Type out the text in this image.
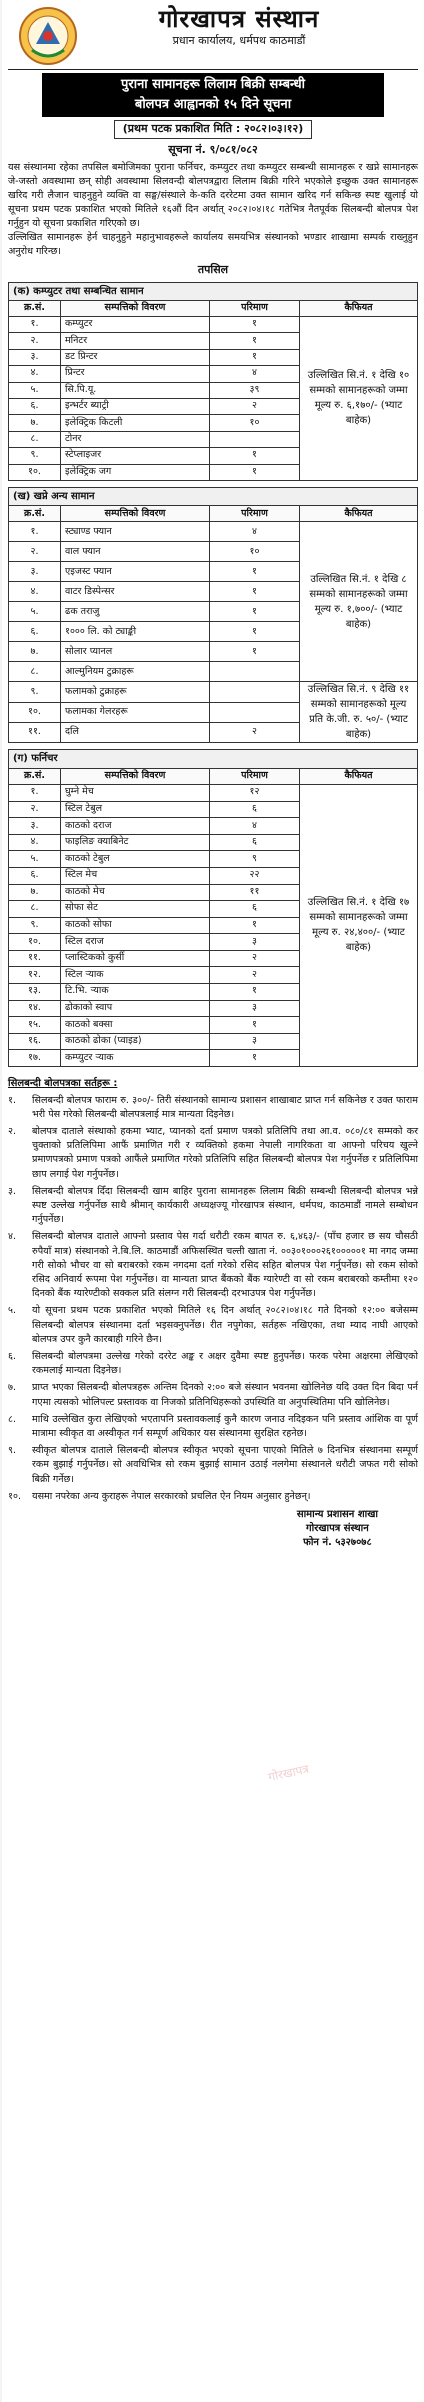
गोरखापत्र संस्थान
प्रधान कार्यालय, धर्मपथ काठमाडौं
पुराना सामानहरू लिलाम बिक्री सम्बन्धी
बोलपत्र आह्वानको १५ दिने सूचना
(प्रथम पटक प्रकाशित मिति : २०८२।०३।१२)
सूचना नं. ९/०८१/०८२

यस संस्थानमा रहेका तपसिल बमोजिमका पुराना फर्निचर, कम्प्युटर तथा कम्प्युटर सम्बन्धी सामानहरू र खप्ने सामानहरू जे-जस्तो अवस्थामा छन् सोही अवस्थामा सिलवन्दी बोलपत्रद्वारा लिलाम बिक्री गरिने भएकोले इच्छुक उक्त सामानहरू खरिद गरी लैजान चाहनुहुने व्यक्ति वा सङ्घ/संस्थाले के-कति दररेटमा उक्त सामान खरिद गर्न सकिन्छ स्पष्ट खुलाई यो सूचना प्रथम पटक प्रकाशित भएको मितिले १६औं दिन अर्थात् २०८२।०४।१८ गतेभित्र नैतपूर्वक सिलबन्दी बोलपत्र पेश गर्नुहुन यो सूचना प्रकाशित गरिएको छ।

उल्लिखित सामानहरू हेर्न चाहनुहुने महानुभावहरूले कार्यालय समयभित्र संस्थानको भण्डार शाखामा सम्पर्क राख्नुहुन अनुरोध गरिन्छ।

तपसिल
(क) कम्प्युटर तथा सम्बन्धित सामान
क्र.सं.	सम्पत्तिको विवरण	परिमाण	कैफियत
१.	कम्प्युटर	१	उल्लिखित सि.नं. १ देखि १० सम्मको सामानहरूको जम्मा मूल्य रु. ६,१७०/- (भ्याट बाहेक)
२.	मनिटर	१	
३.	डट प्रिन्टर	१	
४.	प्रिन्टर	४	
५.	सि.पि.यू.	३९	
६.	इन्भर्टर ब्याट्री	२	
७.	इलेक्ट्रिक किटली	१०	
८.	टोनर		
९.	स्टेप्लाइजर	१	
१०.	इलेक्ट्रिक जग	१	
(ख) खप्ने अन्य सामान
क्र.सं.	सम्पत्तिको विवरण	परिमाण	कैफियत
१.	स्ट्याण्ड फ्यान	४	उल्लिखित सि.नं. १ देखि ८ सम्मको सामानहरूको जम्मा मूल्य रु. १,७००/- (भ्याट बाहेक)
२.	वाल फ्यान	१०	
३.	एइजस्ट फ्यान	१	
४.	वाटर डिस्पेन्सर	१	
५.	ढक तराजु	१	
६.	१००० लि. को ट्याङ्की	१	
७.	सोलार प्यानल	१	
८.	आल्मुनियम टुक्राहरू		
९.	फलामको टुक्राहरू		उल्लिखित सि.नं. ९ देखि ११ सम्मको सामानहरूको मूल्य प्रति के.जी. रु. ५०/- (भ्याट बाहेक)
१०.	फलामका गेलरहरू		
११.	दलि	२	
(ग) फर्निचर
क्र.सं.	सम्पत्तिको विवरण	परिमाण	कैफियत
१.	घुम्ने मेच	१२	उल्लिखित सि.नं. १ देखि १७ सम्मको सामानहरूको जम्मा मूल्य रु. २४,४००/- (भ्याट बाहेक)
२.	स्टिल टेबुल	६	
३.	काठको दराज	४	
४.	फाइलिङ क्याबिनेट	६	
५.	काठको टेबुल	९	
६.	स्टिल मेच	२२	
७.	काठको मेच	११	
८.	सोफा सेट	६	
९.	काठको सोफा	१	
१०.	स्टिल दराज	३	
११.	प्लास्टिकको कुर्सी	२	
१२.	स्टिल र्‍याक	२	
१३.	टि.भि. र्‍याक	१	
१४.	ढोकाको स्वाप	३	
१५.	काठको बक्सा	१	
१६.	काठको ढोका (प्वाइड)	३	
१७.	कम्प्युटर र्‍याक	१	
सिलबन्दी बोलपत्रका सर्तहरू :
१.	सिलबन्दी बोलपत्र फाराम रु. ३००/- तिरी संस्थानको सामान्य प्रशासन शाखाबाट प्राप्त गर्न सकिनेछ र उक्त फाराम भरी पेस गरेको सिलबन्दी बोलपत्रलाई मात्र मान्यता दिइनेछ।
२.	बोलपत्र दाताले संस्थाको हकमा भ्याट, प्यानको दर्ता प्रमाण पत्रको प्रतिलिपि तथा आ.व. ०८०/८१ सम्मको कर चुक्ताको प्रतिलिपिमा आफैं प्रमाणित गरी र व्यक्तिको हकमा नेपाली नागरिकता वा आफ्नो परिचय खुल्ने प्रमाणपत्रको प्रमाण पत्रको आफैंले प्रमाणित गरेको प्रतिलिपि सहित सिलबन्दी बोलपत्र पेश गर्नुपर्नेछ र प्रतिलिपिमा छाप लगाई पेश गर्नुपर्नेछ।
३.	सिलबन्दी बोलपत्र दिँदा सिलबन्दी खाम बाहिर पुराना सामानहरू लिलाम बिक्री सम्बन्धी सिलबन्दी बोलपत्र भन्ने स्पष्ट उल्लेख गर्नुपर्नेछ साथै श्रीमान् कार्यकारी अध्यक्षज्यू गोरखापत्र संस्थान, धर्मपथ, काठमाडौं नामले सम्बोधन गर्नुपर्नेछ।
४.	सिलबन्दी बोलपत्र दाताले आफ्नो प्रस्ताव पेस गर्दा धरौटी रकम बापत रु. ६,४६३/- (पाँच हजार छ सय चौसठी रुपैयाँ मात्र) संस्थानको ने.बि.लि. काठमाडौं अफिसस्थित चल्ती खाता नं. ००३०१०००२६१०००००१ मा नगद जम्मा गरी सोको भौचर वा सो बराबरको रकम नगदमा दर्ता गरेको रसिद सहित बोलपत्र पेश गर्नुपर्नेछ। सो रकम सोको रसिद अनिवार्य रूपमा पेश गर्नुपर्नेछ। वा मान्यता प्राप्त बैंकको बैंक ग्यारेण्टी वा सो रकम बराबरको कम्तीमा १२० दिनको बैंक ग्यारेण्टीको सक्कल प्रति संलग्न गरी सिलबन्दी दरभाउपत्र पेश गर्नुपर्नेछ।
५.	यो सूचना प्रथम पटक प्रकाशित भएको मितिले १६ दिन अर्थात् २०८२।०४।१८ गते दिनको १२:०० बजेसम्म सिलबन्दी बोलपत्र संस्थानमा दर्ता भइसक्नुपर्नेछ। रीत नपुगेका, सर्तहरू नखिएका, तथा म्याद नाघी आएको बोलपत्र उपर कुनै कारबाही गरिने छैन।
६.	सिलबन्दी बोलपत्रमा उल्लेख गरेको दररेट अङ्क र अक्षर दुवैमा स्पष्ट हुनुपर्नेछ। फरक परेमा अक्षरमा लेखिएको रकमलाई मान्यता दिइनेछ।
७.	प्राप्त भएका सिलबन्दी बोलपत्रहरू अन्तिम दिनको २:०० बजे संस्थान भवनमा खोलिनेछ यदि उक्त दिन बिदा पर्न गएमा त्यसको भोलिपल्ट प्रस्तावक वा निजको प्रतिनिधिहरूको उपस्थिति वा अनुपस्थितिमा पनि खोलिनेछ।
८.	माथि उल्लेखित कुरा लेखिएको भएतापनि प्रस्तावकलाई कुनै कारण जनाउ नदिइकन पनि प्रस्ताव आंशिक वा पूर्ण मात्रामा स्वीकृत वा अस्वीकृत गर्न सम्पूर्ण अधिकार यस संस्थानमा सुरक्षित रहनेछ।
९.	स्वीकृत बोलपत्र दाताले सिलबन्दी बोलपत्र स्वीकृत भएको सूचना पाएको मितिले ७ दिनभित्र संस्थानमा सम्पूर्ण रकम बुझाई गर्नुपर्नेछ। सो अवधिभित्र सो रकम बुझाई सामान उठाई नलगेमा संस्थानले धरौटी जफत गरी सोको बिक्री गर्नेछ।
१०.	यसमा नपरेका अन्य कुराहरू नेपाल सरकारको प्रचलित ऐन नियम अनुसार हुनेछन्।
सामान्य प्रशासन शाखा
गोरखापत्र संस्थान
फोन नं. ५३२७०७८
गोरखापत्र
